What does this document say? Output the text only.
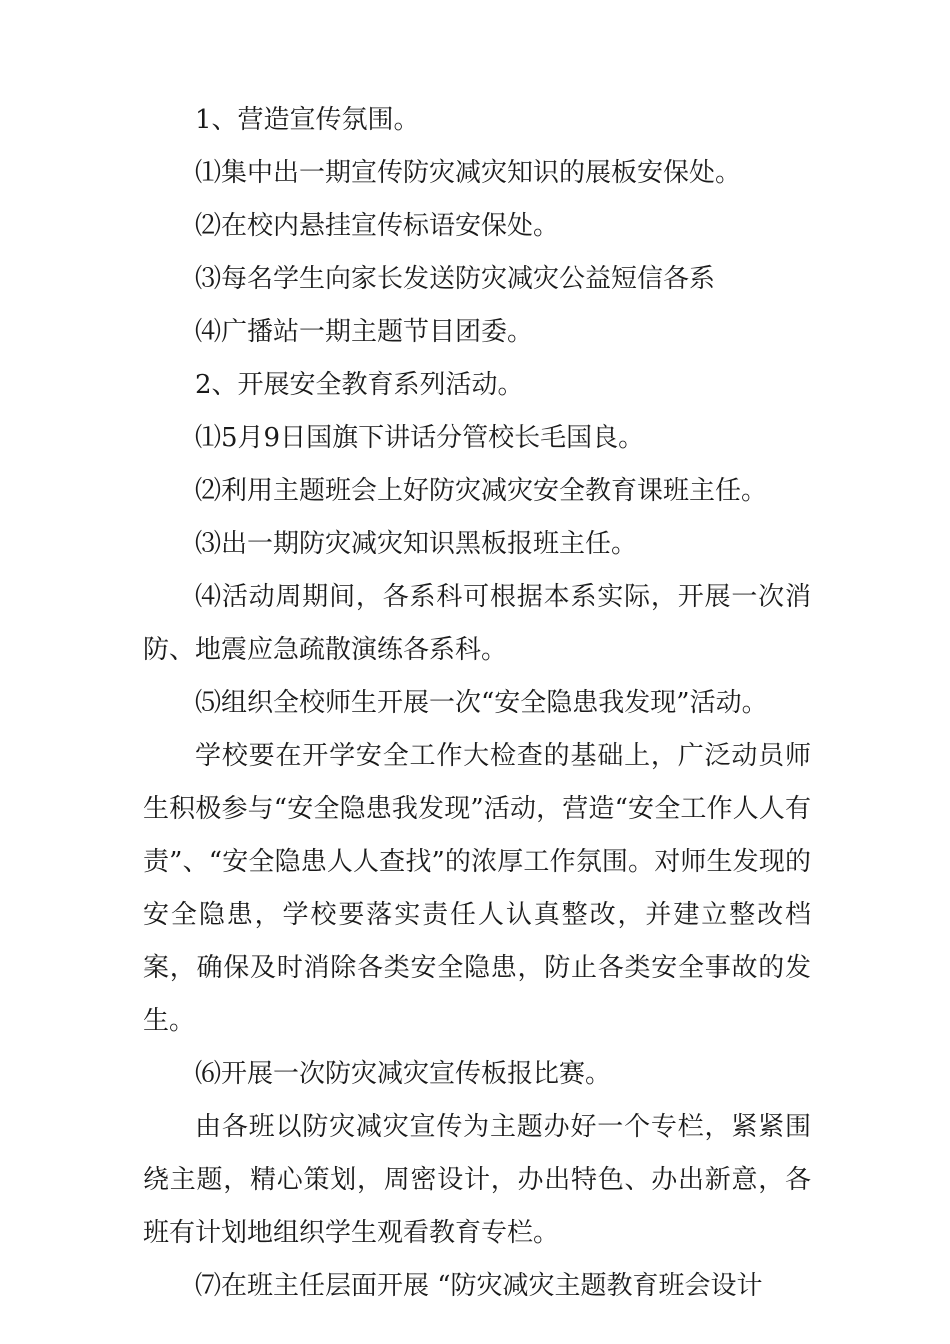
1、营造宣传氛围。

⑴集中出一期宣传防灾减灾知识的展板安保处。

⑵在校内悬挂宣传标语安保处。

⑶每名学生向家长发送防灾减灾公益短信各系

⑷广播站一期主题节目团委。

2、开展安全教育系列活动。

⑴5月9日国旗下讲话分管校长毛国良。

⑵利用主题班会上好防灾减灾安全教育课班主任。

⑶出一期防灾减灾知识黑板报班主任。

⑷活动周期间，各系科可根据本系实际，开展一次消防、地震应急疏散演练各系科。

⑸组织全校师生开展一次“安全隐患我发现”活动。

学校要在开学安全工作大检查的基础上，广泛动员师生积极参与“安全隐患我发现”活动，营造“安全工作人人有责”、“安全隐患人人查找”的浓厚工作氛围。对师生发现的安全隐患，学校要落实责任人认真整改，并建立整改档案，确保及时消除各类安全隐患，防止各类安全事故的发生。

⑹开展一次防灾减灾宣传板报比赛。

由各班以防灾减灾宣传为主题办好一个专栏，紧紧围绕主题，精心策划，周密设计，办出特色、办出新意，各班有计划地组织学生观看教育专栏。

⑺在班主任层面开展 “防灾减灾主题教育班会设计
